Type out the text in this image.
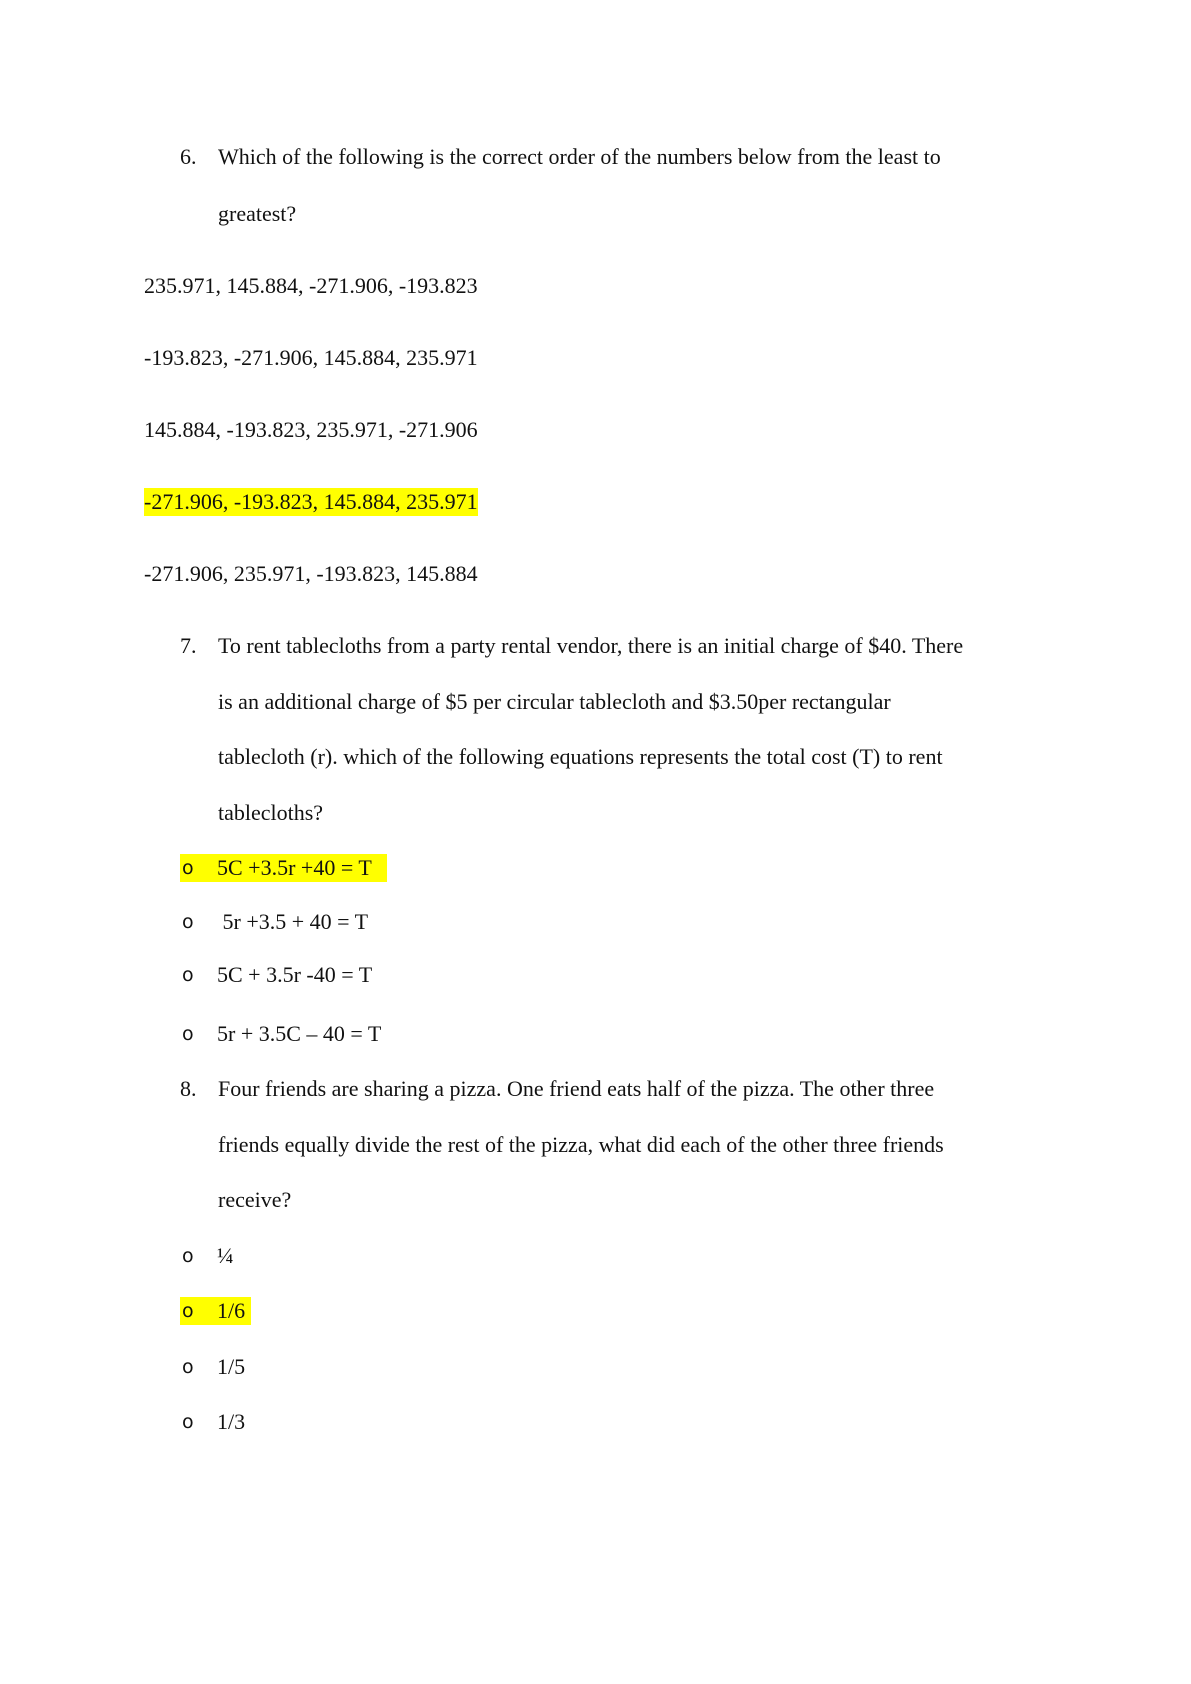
6. Which of the following is the correct order of the numbers below from the least to
greatest?
235.971, 145.884, -271.906, -193.823
-193.823, -271.906, 145.884, 235.971
145.884, -193.823, 235.971, -271.906
-271.906, -193.823, 145.884, 235.971
-271.906, 235.971, -193.823, 145.884
7. To rent tablecloths from a party rental vendor, there is an initial charge of $40. There
is an additional charge of $5 per circular tablecloth and $3.50per rectangular
tablecloth (r). which of the following equations represents the total cost (T) to rent
tablecloths?
o 5C +3.5r +40 = T
o 5r +3.5 + 40 = T
o 5C + 3.5r -40 = T
o 5r + 3.5C – 40 = T
8. Four friends are sharing a pizza. One friend eats half of the pizza. The other three
friends equally divide the rest of the pizza, what did each of the other three friends
receive?
o ¼
o 1/6
o 1/5
o 1/3
